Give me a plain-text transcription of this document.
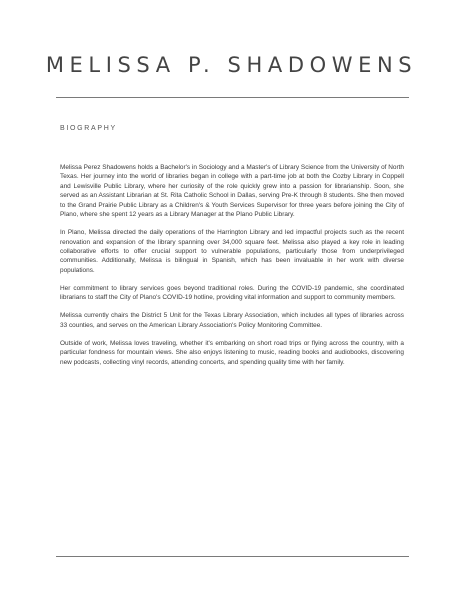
MELISSA P. SHADOWENS
BIOGRAPHY

Melissa Perez Shadowens holds a Bachelor's in Sociology and a Master's of Library Science from the University of North Texas. Her journey into the world of libraries began in college with a part-time job at both the Cozby Library in Coppell and Lewisville Public Library, where her curiosity of the role quickly grew into a passion for librarianship. Soon, she served as an Assistant Librarian at St. Rita Catholic School in Dallas, serving Pre-K through 8 students. She then moved to the Grand Prairie Public Library as a Children's & Youth Services Supervisor for three years before joining the City of Plano, where she spent 12 years as a Library Manager at the Plano Public Library.

In Plano, Melissa directed the daily operations of the Harrington Library and led impactful projects such as the recent renovation and expansion of the library spanning over 34,000 square feet. Melissa also played a key role in leading collaborative efforts to offer crucial support to vulnerable populations, particularly those from underprivileged communities. Additionally, Melissa is bilingual in Spanish, which has been invaluable in her work with diverse populations.

Her commitment to library services goes beyond traditional roles. During the COVID-19 pandemic, she coordinated librarians to staff the City of Plano's COVID-19 hotline, providing vital information and support to community members.

Melissa currently chairs the District 5 Unit for the Texas Library Association, which includes all types of libraries across 33 counties, and serves on the American Library Association's Policy Monitoring Committee.

Outside of work, Melissa loves traveling, whether it's embarking on short road trips or flying across the country, with a particular fondness for mountain views. She also enjoys listening to music, reading books and audiobooks, discovering new podcasts, collecting vinyl records, attending concerts, and spending quality time with her family.
